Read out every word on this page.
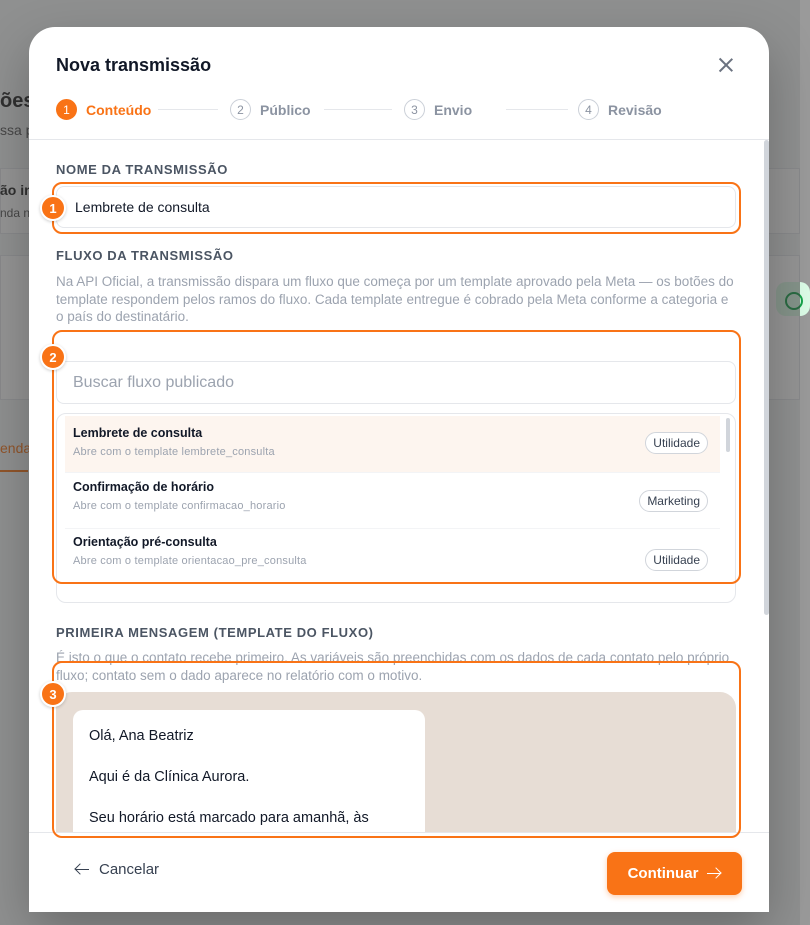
Nova transmissão
1	Conteúdo	2	Público	3	Envio	4	Revisão
NOME DA TRANSMISSÃO
Lembrete de consulta
FLUXO DA TRANSMISSÃO
Na API Oficial, a transmissão dispara um fluxo que começa por um template aprovado pela Meta — os botões do template respondem pelos ramos do fluxo. Cada template entregue é cobrado pela Meta conforme a categoria e o país do destinatário.
Buscar fluxo publicado
Lembrete de consulta
Abre com o template lembrete_consulta
Utilidade
Confirmação de horário
Abre com o template confirmacao_horario	Marketing
Orientação pré-consulta
Abre com o template orientacao_pre_consulta	Utilidade
PRIMEIRA MENSAGEM (TEMPLATE DO FLUXO)
É isto o que o contato recebe primeiro. As variáveis são preenchidas com os dados de cada contato pelo próprio fluxo; contato sem o dado aparece no relatório com o motivo.

Olá, Ana Beatriz

Aqui é da Clínica Aurora.

Seu horário está marcado para amanhã, às

Cancelar	Continuar
1
2
3
